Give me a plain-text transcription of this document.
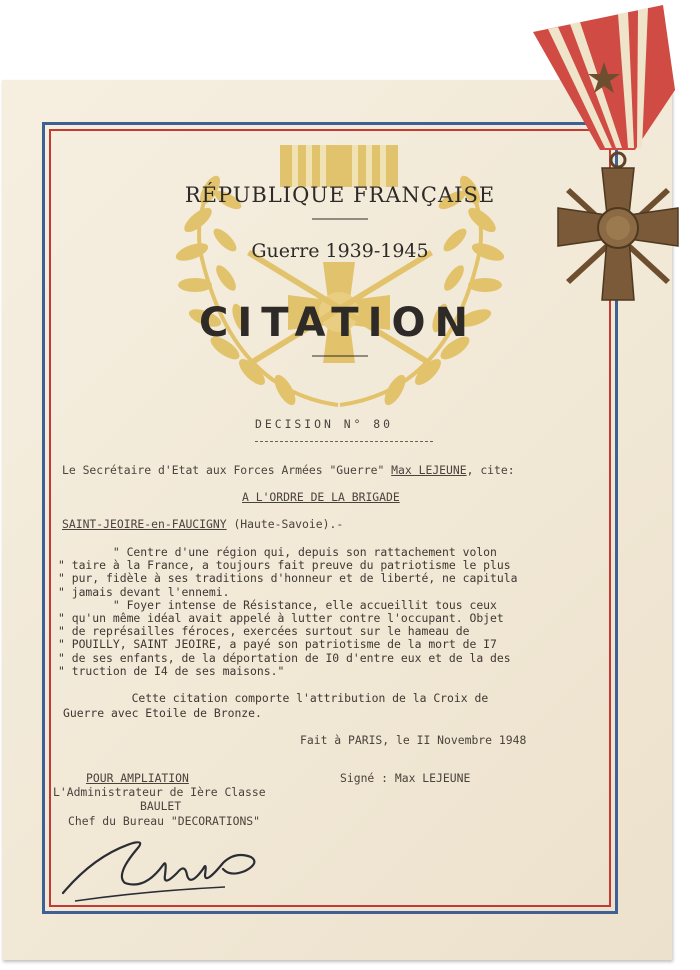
RÉPUBLIQUE FRANÇAISE
Guerre 1939-1945
CITATION
DECISION N° 80
Le Secrétaire d'Etat aux Forces Armées "Guerre" Max LEJEUNE, cite:
A L'ORDRE DE LA BRIGADE
SAINT-JEOIRE-en-FAUCIGNY (Haute-Savoie).-
" Centre d'une région qui, depuis son rattachement volon
" taire à la France, a toujours fait preuve du patriotisme le plus
" pur, fidèle à ses traditions d'honneur et de liberté, ne capitula
" jamais devant l'ennemi.
" Foyer intense de Résistance, elle accueillit tous ceux
" qu'un même idéal avait appelé à lutter contre l'occupant. Objet
" de représailles féroces, exercées surtout sur le hameau de
" POUILLY, SAINT JEOIRE, a payé son patriotisme de la mort de I7
" de ses enfants, de la déportation de I0 d'entre eux et de la des
" truction de I4 de ses maisons."
Cette citation comporte l'attribution de la Croix de
Guerre avec Etoile de Bronze.
Fait à PARIS, le II Novembre 1948
POUR AMPLIATION	Signé : Max LEJEUNE
L'Administrateur de Ière Classe
BAULET
Chef du Bureau "DECORATIONS"
